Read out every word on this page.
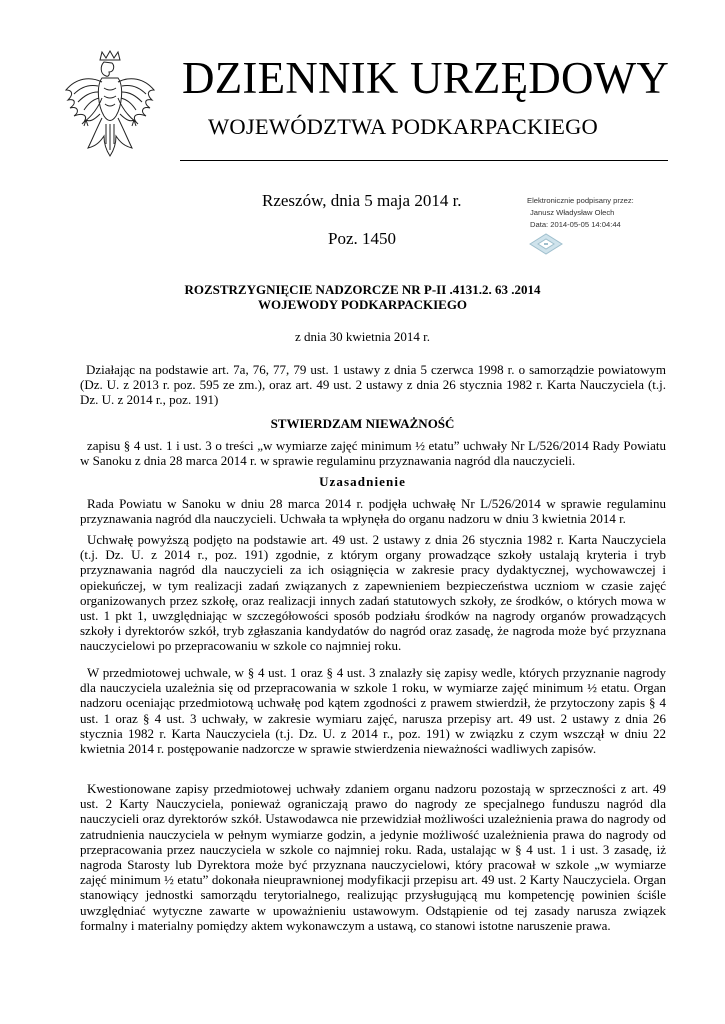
DZIENNIK URZĘDOWY
WOJEWÓDZTWA PODKARPACKIEGO
Rzeszów, dnia 5 maja 2014 r.
Poz. 1450
Elektronicznie podpisany przez:
Janusz Władysław Olech
Data: 2014-05-05 14:04:44
ROZSTRZYGNIĘCIE NADZORCZE NR P-II .4131.2. 63 .2014
WOJEWODY PODKARPACKIEGO
z dnia 30 kwietnia 2014 r.

Działając na podstawie art. 7a, 76, 77, 79 ust. 1 ustawy z dnia 5 czerwca 1998 r. o samorządzie powiatowym (Dz. U. z 2013 r. poz. 595 ze zm.), oraz art. 49 ust. 2 ustawy z dnia 26 stycznia 1982 r. Karta Nauczyciela (t.j. Dz. U. z 2014 r., poz. 191)

STWIERDZAM NIEWAŻNOŚĆ

zapisu § 4 ust. 1 i ust. 3 o treści „w wymiarze zajęć minimum ½ etatu” uchwały Nr L/526/2014 Rady Powiatu w Sanoku z dnia 28 marca 2014 r. w sprawie regulaminu przyznawania nagród dla nauczycieli.

Uzasadnienie

Rada Powiatu w Sanoku w dniu 28 marca 2014 r. podjęła uchwałę Nr L/526/2014 w sprawie regulaminu przyznawania nagród dla nauczycieli. Uchwała ta wpłynęła do organu nadzoru w dniu 3 kwietnia 2014 r.

Uchwałę powyższą podjęto na podstawie art. 49 ust. 2 ustawy z dnia 26 stycznia 1982 r. Karta Nauczyciela (t.j. Dz. U. z 2014 r., poz. 191) zgodnie, z którym organy prowadzące szkoły ustalają kryteria i tryb przyznawania nagród dla nauczycieli za ich osiągnięcia w zakresie pracy dydaktycznej, wychowawczej i opiekuńczej, w tym realizacji zadań związanych z zapewnieniem bezpieczeństwa uczniom w czasie zajęć organizowanych przez szkołę, oraz realizacji innych zadań statutowych szkoły, ze środków, o których mowa w ust. 1 pkt 1, uwzględniając w szczegółowości sposób podziału środków na nagrody organów prowadzących szkoły i dyrektorów szkół, tryb zgłaszania kandydatów do nagród oraz zasadę, że nagroda może być przyznana nauczycielowi po przepracowaniu w szkole co najmniej roku.

W przedmiotowej uchwale, w § 4 ust. 1 oraz § 4 ust. 3 znalazły się zapisy wedle, których przyznanie nagrody dla nauczyciela uzależnia się od przepracowania w szkole 1 roku, w wymiarze zajęć minimum ½ etatu. Organ nadzoru oceniając przedmiotową uchwałę pod kątem zgodności z prawem stwierdził, że przytoczony zapis § 4 ust. 1 oraz § 4 ust. 3 uchwały, w zakresie wymiaru zajęć, narusza przepisy art. 49 ust. 2 ustawy z dnia 26 stycznia 1982 r. Karta Nauczyciela (t.j. Dz. U. z 2014 r., poz. 191) w związku z czym wszczął w dniu 22 kwietnia 2014 r. postępowanie nadzorcze w sprawie stwierdzenia nieważności wadliwych zapisów.

Kwestionowane zapisy przedmiotowej uchwały zdaniem organu nadzoru pozostają w sprzeczności z art. 49 ust. 2 Karty Nauczyciela, ponieważ ograniczają prawo do nagrody ze specjalnego funduszu nagród dla nauczycieli oraz dyrektorów szkół. Ustawodawca nie przewidział możliwości uzależnienia prawa do nagrody od zatrudnienia nauczyciela w pełnym wymiarze godzin, a jedynie możliwość uzależnienia prawa do nagrody od przepracowania przez nauczyciela w szkole co najmniej roku. Rada, ustalając w § 4 ust. 1 i ust. 3 zasadę, iż nagroda Starosty lub Dyrektora może być przyznana nauczycielowi, który pracował w szkole „w wymiarze zajęć minimum ½ etatu” dokonała nieuprawnionej modyfikacji przepisu art. 49 ust. 2 Karty Nauczyciela. Organ stanowiący jednostki samorządu terytorialnego, realizując przysługującą mu kompetencję powinien ściśle uwzględniać wytyczne zawarte w upoważnieniu ustawowym. Odstąpienie od tej zasady narusza związek formalny i materialny pomiędzy aktem wykonawczym a ustawą, co stanowi istotne naruszenie prawa.
